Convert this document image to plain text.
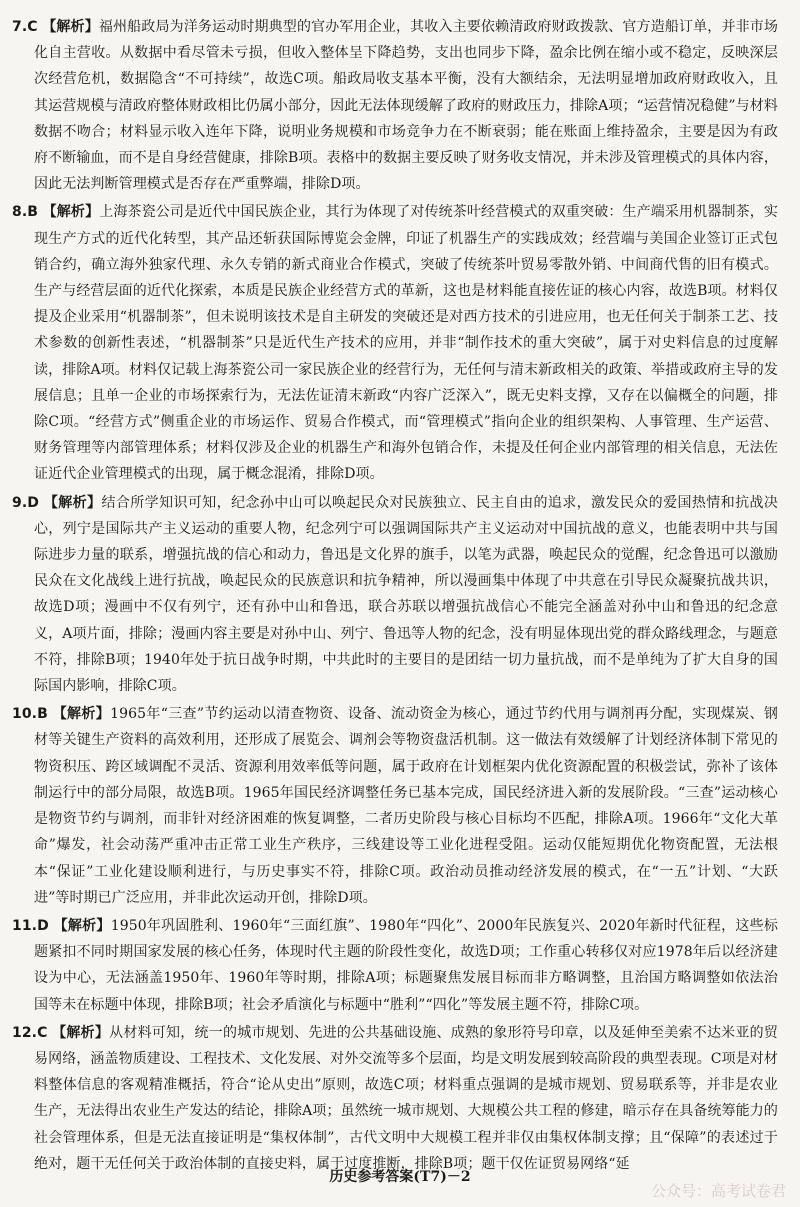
7.C 【解析】福州船政局为洋务运动时期典型的官办军用企业，其收入主要依赖清政府财政拨款、官方造船订单，并非市场化自主营收。从数据中看尽管未亏损，但收入整体呈下降趋势，支出也同步下降，盈余比例在缩小或不稳定，反映深层次经营危机，数据隐含“不可持续”，故选C项。船政局收支基本平衡，没有大额结余，无法明显增加政府财政收入，且其运营规模与清政府整体财政相比仍属小部分，因此无法体现缓解了政府的财政压力，排除A项；“运营情况稳健”与材料数据不吻合；材料显示收入连年下降，说明业务规模和市场竞争力在不断衰弱；能在账面上维持盈余，主要是因为有政府不断输血，而不是自身经营健康，排除B项。表格中的数据主要反映了财务收支情况，并未涉及管理模式的具体内容，因此无法判断管理模式是否存在严重弊端，排除D项。
8.B 【解析】上海茶瓷公司是近代中国民族企业，其行为体现了对传统茶叶经营模式的双重突破：生产端采用机器制茶，实现生产方式的近代化转型，其产品还斩获国际博览会金牌，印证了机器生产的实践成效；经营端与美国企业签订正式包销合约，确立海外独家代理、永久专销的新式商业合作模式，突破了传统茶叶贸易零散外销、中间商代售的旧有模式。生产与经营层面的近代化探索，本质是民族企业经营方式的革新，这也是材料能直接佐证的核心内容，故选B项。材料仅提及企业采用“机器制茶”，但未说明该技术是自主研发的突破还是对西方技术的引进应用，也无任何关于制茶工艺、技术参数的创新性表述，“机器制茶”只是近代生产技术的应用，并非“制作技术的重大突破”，属于对史料信息的过度解读，排除A项。材料仅记载上海茶瓷公司一家民族企业的经营行为，无任何与清末新政相关的政策、举措或政府主导的发展信息；且单一企业的市场探索行为，无法佐证清末新政“内容广泛深入”，既无史料支撑，又存在以偏概全的问题，排除C项。“经营方式”侧重企业的市场运作、贸易合作模式，而“管理模式”指向企业的组织架构、人事管理、生产运营、财务管理等内部管理体系；材料仅涉及企业的机器生产和海外包销合作，未提及任何企业内部管理的相关信息，无法佐证近代企业管理模式的出现，属于概念混淆，排除D项。
9.D 【解析】结合所学知识可知，纪念孙中山可以唤起民众对民族独立、民主自由的追求，激发民众的爱国热情和抗战决心，列宁是国际共产主义运动的重要人物，纪念列宁可以强调国际共产主义运动对中国抗战的意义，也能表明中共与国际进步力量的联系，增强抗战的信心和动力，鲁迅是文化界的旗手，以笔为武器，唤起民众的觉醒，纪念鲁迅可以激励民众在文化战线上进行抗战，唤起民众的民族意识和抗争精神，所以漫画集中体现了中共意在引导民众凝聚抗战共识，故选D项；漫画中不仅有列宁，还有孙中山和鲁迅，联合苏联以增强抗战信心不能完全涵盖对孙中山和鲁迅的纪念意义，A项片面，排除；漫画内容主要是对孙中山、列宁、鲁迅等人物的纪念，没有明显体现出党的群众路线理念，与题意不符，排除B项；1940年处于抗日战争时期，中共此时的主要目的是团结一切力量抗战，而不是单纯为了扩大自身的国际国内影响，排除C项。
10.B 【解析】1965年“三查”节约运动以清查物资、设备、流动资金为核心，通过节约代用与调剂再分配，实现煤炭、钢材等关键生产资料的高效利用，还形成了展览会、调剂会等物资盘活机制。这一做法有效缓解了计划经济体制下常见的物资积压、跨区域调配不灵活、资源利用效率低等问题，属于政府在计划框架内优化资源配置的积极尝试，弥补了该体制运行中的部分局限，故选B项。1965年国民经济调整任务已基本完成，国民经济进入新的发展阶段。“三查”运动核心是物资节约与调剂，而非针对经济困难的恢复调整，二者历史阶段与核心目标均不匹配，排除A项。1966年“文化大革命”爆发，社会动荡严重冲击正常工业生产秩序，三线建设等工业化进程受阻。运动仅能短期优化物资配置，无法根本“保证”工业化建设顺利进行，与历史事实不符，排除C项。政治动员推动经济发展的模式，在“一五”计划、“大跃进”等时期已广泛应用，并非此次运动开创，排除D项。
11.D 【解析】1950年巩固胜利、1960年“三面红旗”、1980年“四化”、2000年民族复兴、2020年新时代征程，这些标题紧扣不同时期国家发展的核心任务，体现时代主题的阶段性变化，故选D项；工作重心转移仅对应1978年后以经济建设为中心，无法涵盖1950年、1960年等时期，排除A项；标题聚焦发展目标而非方略调整，且治国方略调整如依法治国等未在标题中体现，排除B项；社会矛盾演化与标题中“胜利”“四化”等发展主题不符，排除C项。
12.C 【解析】从材料可知，统一的城市规划、先进的公共基础设施、成熟的象形符号印章，以及延伸至美索不达米亚的贸易网络，涵盖物质建设、工程技术、文化发展、对外交流等多个层面，均是文明发展到较高阶段的典型表现。C项是对材料整体信息的客观精准概括，符合“论从史出”原则，故选C项；材料重点强调的是城市规划、贸易联系等，并非是农业生产，无法得出农业生产发达的结论，排除A项；虽然统一城市规划、大规模公共工程的修建，暗示存在具备统筹能力的社会管理体系，但是无法直接证明是“集权体制”，古代文明中大规模工程并非仅由集权体制支撑；且“保障”的表述过于绝对，题干无任何关于政治体制的直接史料，属于过度推断，排除B项；题干仅佐证贸易网络“延
历史参考答案(T7)－2
公众号：高考试卷君
